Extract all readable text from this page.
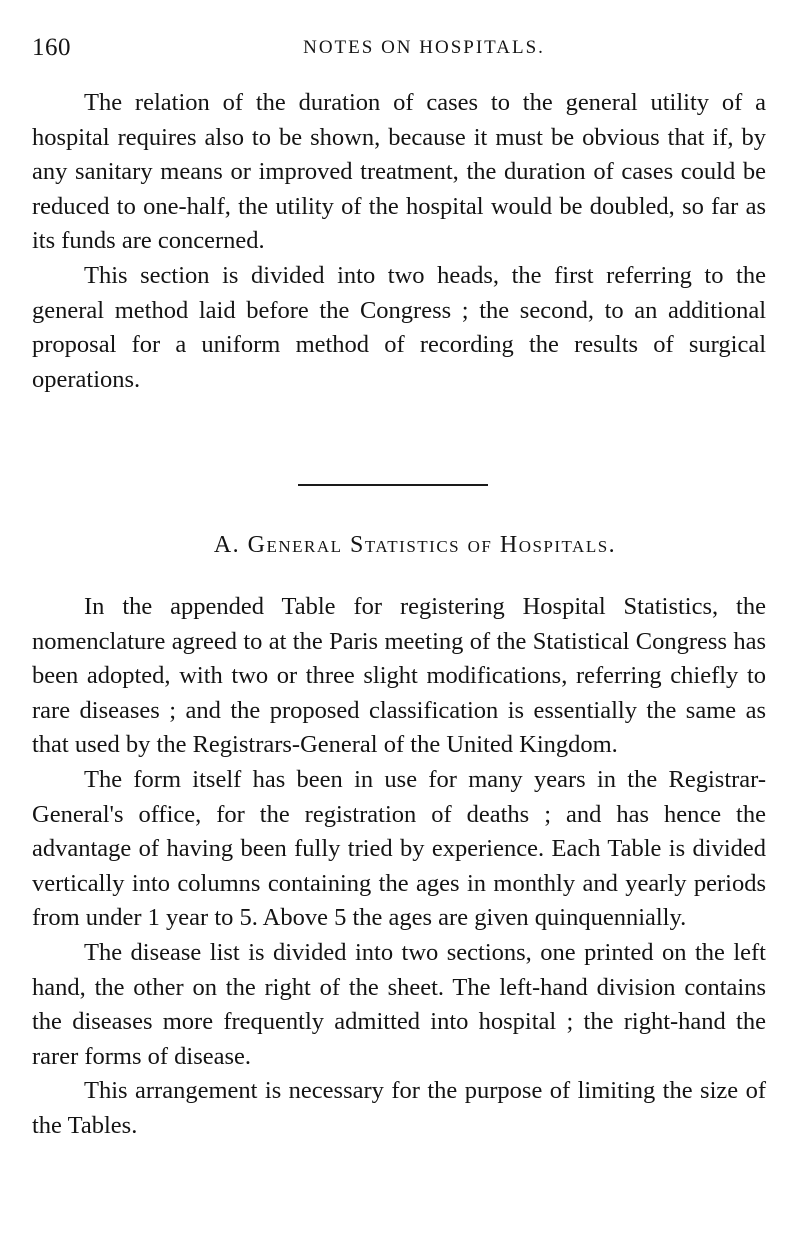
160	NOTES ON HOSPITALS.

The relation of the duration of cases to the general utility of a hospital requires also to be shown, because it must be obvious that if, by any sanitary means or improved treatment, the duration of cases could be reduced to one-half, the utility of the hospital would be doubled, so far as its funds are concerned.

This section is divided into two heads, the first referring to the general method laid before the Congress ; the second, to an additional proposal for a uniform method of recording the results of surgical operations.

A. General Statistics of Hospitals.

In the appended Table for registering Hospital Statistics, the nomenclature agreed to at the Paris meeting of the Statistical Congress has been adopted, with two or three slight modifications, referring chiefly to rare diseases ; and the proposed classification is essentially the same as that used by the Registrars-General of the United Kingdom.

The form itself has been in use for many years in the Registrar-General's office, for the registration of deaths ; and has hence the advantage of having been fully tried by experience. Each Table is divided vertically into columns containing the ages in monthly and yearly periods from under 1 year to 5. Above 5 the ages are given quinquennially.

The disease list is divided into two sections, one printed on the left hand, the other on the right of the sheet. The left-hand division contains the diseases more frequently admitted into hospital ; the right-hand the rarer forms of disease.

This arrangement is necessary for the purpose of limiting the size of the Tables.
